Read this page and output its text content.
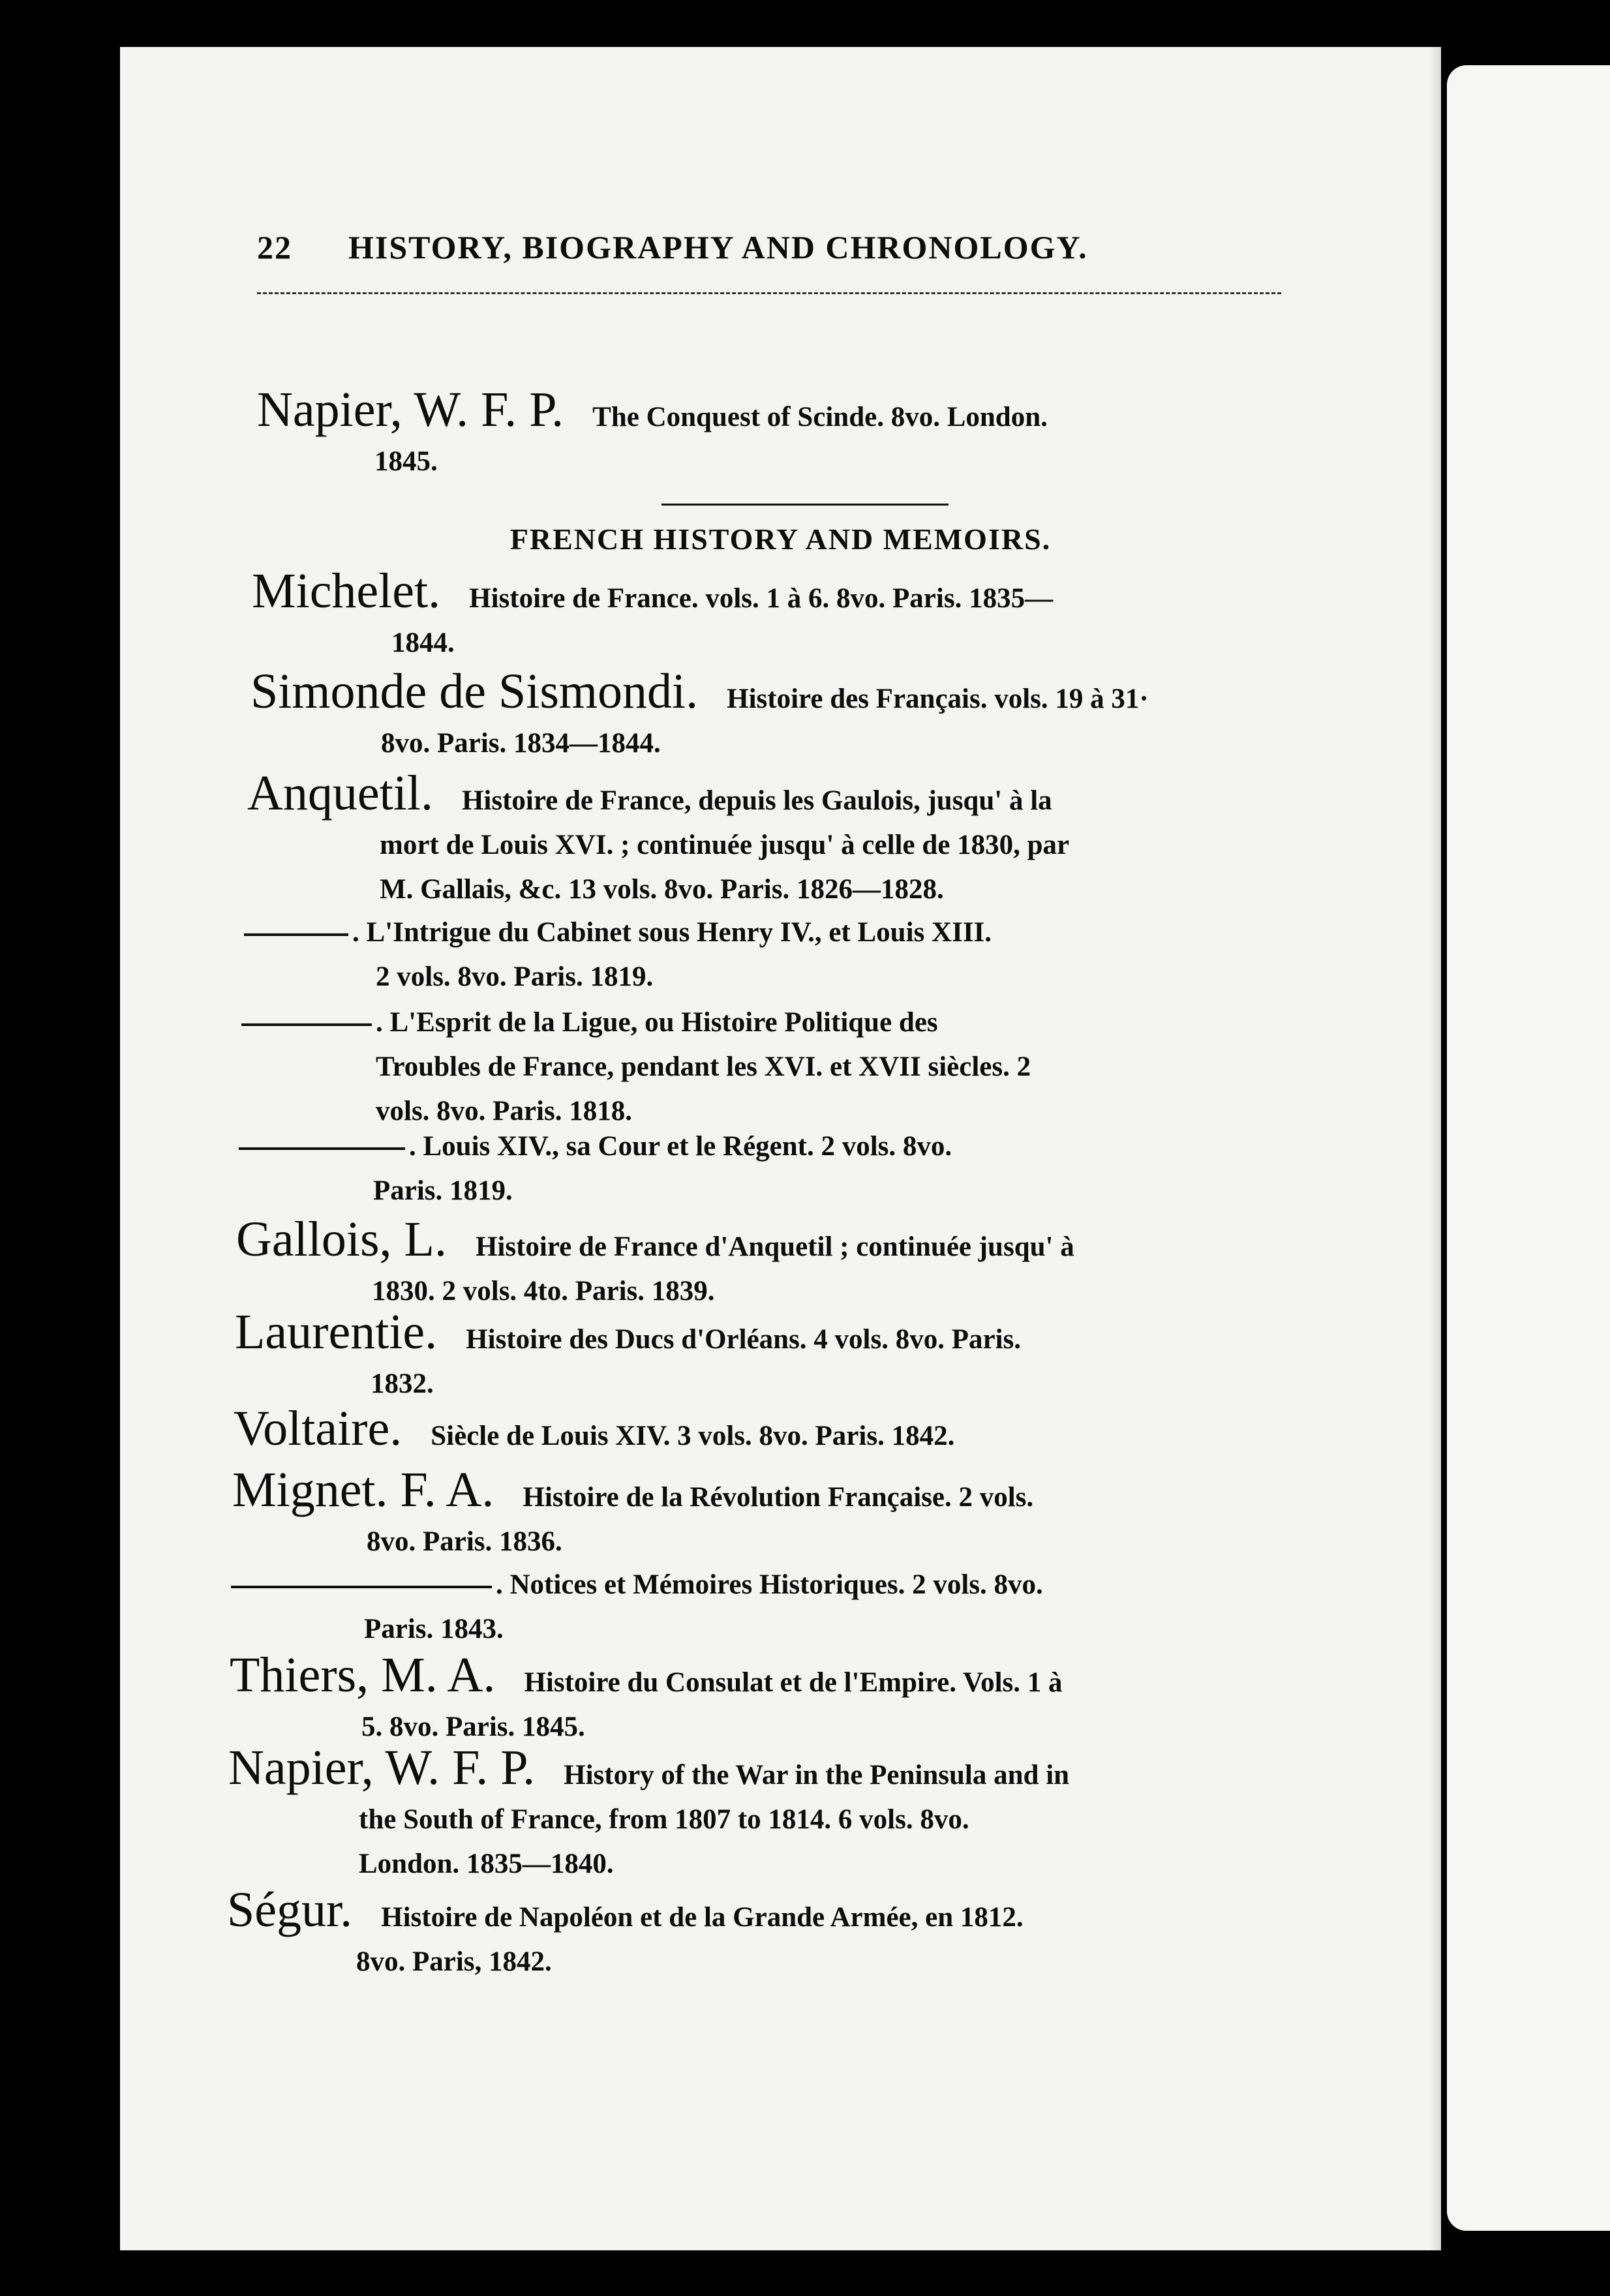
22 HISTORY, BIOGRAPHY AND CHRONOLOGY.
Napier, W. F. P. The Conquest of Scinde. 8vo. London.
1845.
FRENCH HISTORY AND MEMOIRS.
Michelet. Histoire de France. vols. 1 à 6. 8vo. Paris. 1835—
1844.
Simonde de Sismondi. Histoire des Français. vols. 19 à 31·
8vo. Paris. 1834—1844.
Anquetil. Histoire de France, depuis les Gaulois, jusqu' à la
mort de Louis XVI. ; continuée jusqu' à celle de 1830, par
M. Gallais, &c. 13 vols. 8vo. Paris. 1826—1828.
. L'Intrigue du Cabinet sous Henry IV., et Louis XIII.
2 vols. 8vo. Paris. 1819.
. L'Esprit de la Ligue, ou Histoire Politique des
Troubles de France, pendant les XVI. et XVII siècles. 2
vols. 8vo. Paris. 1818.
. Louis XIV., sa Cour et le Régent. 2 vols. 8vo.
Paris. 1819.
Gallois, L. Histoire de France d'Anquetil ; continuée jusqu' à
1830. 2 vols. 4to. Paris. 1839.
Laurentie. Histoire des Ducs d'Orléans. 4 vols. 8vo. Paris.
1832.
Voltaire. Siècle de Louis XIV. 3 vols. 8vo. Paris. 1842.
Mignet. F. A. Histoire de la Révolution Française. 2 vols.
8vo. Paris. 1836.
. Notices et Mémoires Historiques. 2 vols. 8vo.
Paris. 1843.
Thiers, M. A. Histoire du Consulat et de l'Empire. Vols. 1 à
5. 8vo. Paris. 1845.
Napier, W. F. P. History of the War in the Peninsula and in
the South of France, from 1807 to 1814. 6 vols. 8vo.
London. 1835—1840.
Ségur. Histoire de Napoléon et de la Grande Armée, en 1812.
8vo. Paris, 1842.
